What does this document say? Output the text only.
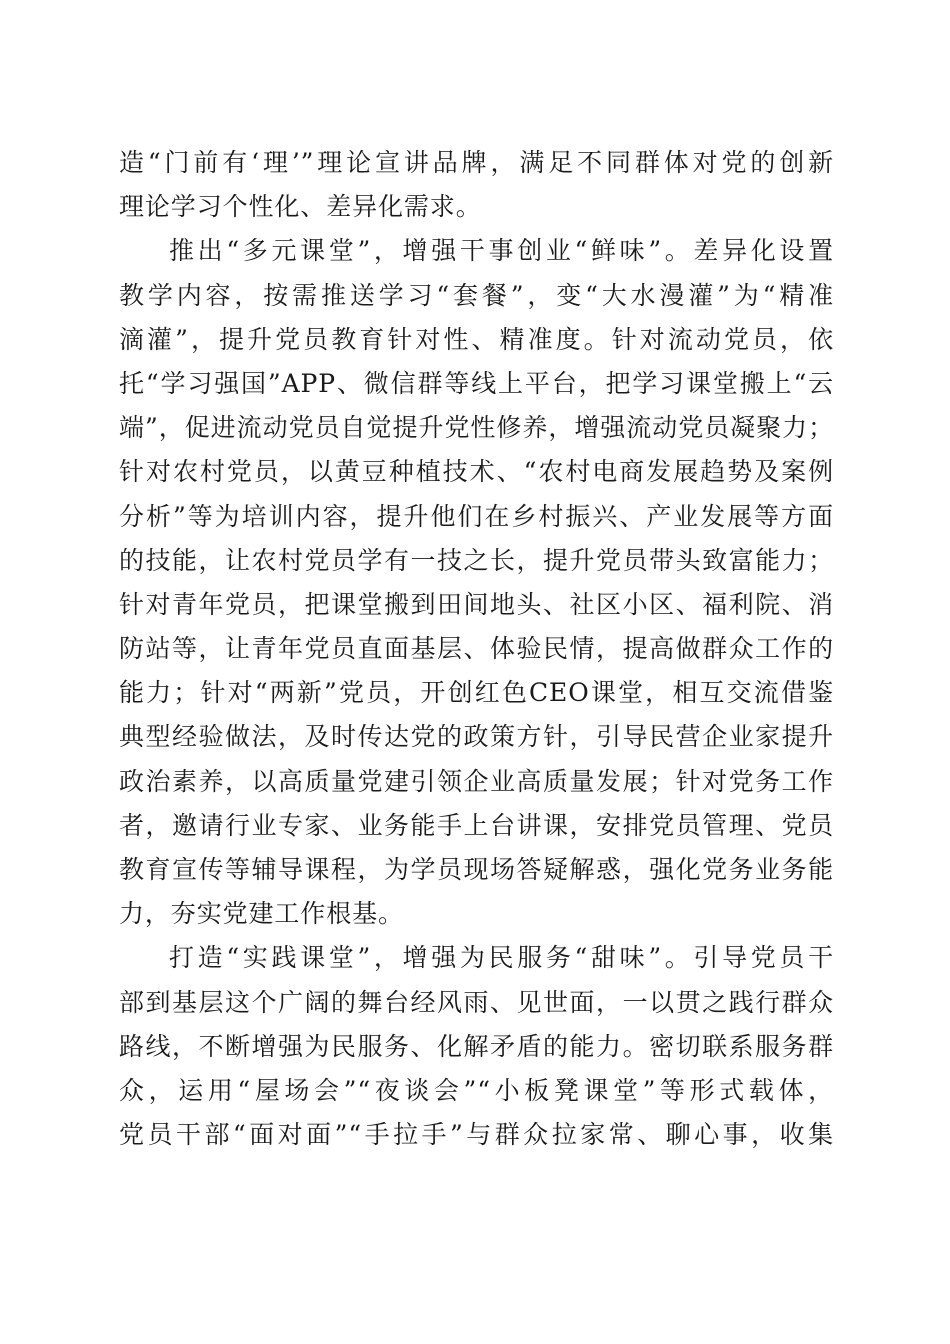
造“门前有‘理’”理论宣讲品牌，满足不同群体对党的创新
理论学习个性化、差异化需求。
推出“多元课堂”，增强干事创业“鲜味”。差异化设置
教学内容，按需推送学习“套餐”，变“大水漫灌”为“精准
滴灌”，提升党员教育针对性、精准度。针对流动党员，依
托“学习强国”APP、微信群等线上平台，把学习课堂搬上“云
端”，促进流动党员自觉提升党性修养，增强流动党员凝聚力；
针对农村党员，以黄豆种植技术、“农村电商发展趋势及案例
分析”等为培训内容，提升他们在乡村振兴、产业发展等方面
的技能，让农村党员学有一技之长，提升党员带头致富能力；
针对青年党员，把课堂搬到田间地头、社区小区、福利院、消
防站等，让青年党员直面基层、体验民情，提高做群众工作的
能力；针对“两新”党员，开创红色CEO课堂，相互交流借鉴
典型经验做法，及时传达党的政策方针，引导民营企业家提升
政治素养，以高质量党建引领企业高质量发展；针对党务工作
者，邀请行业专家、业务能手上台讲课，安排党员管理、党员
教育宣传等辅导课程，为学员现场答疑解惑，强化党务业务能
力，夯实党建工作根基。
打造“实践课堂”，增强为民服务“甜味”。引导党员干
部到基层这个广阔的舞台经风雨、见世面，一以贯之践行群众
路线，不断增强为民服务、化解矛盾的能力。密切联系服务群
众，运用“屋场会”“夜谈会”“小板凳课堂”等形式载体，
党员干部“面对面”“手拉手”与群众拉家常、聊心事，收集
